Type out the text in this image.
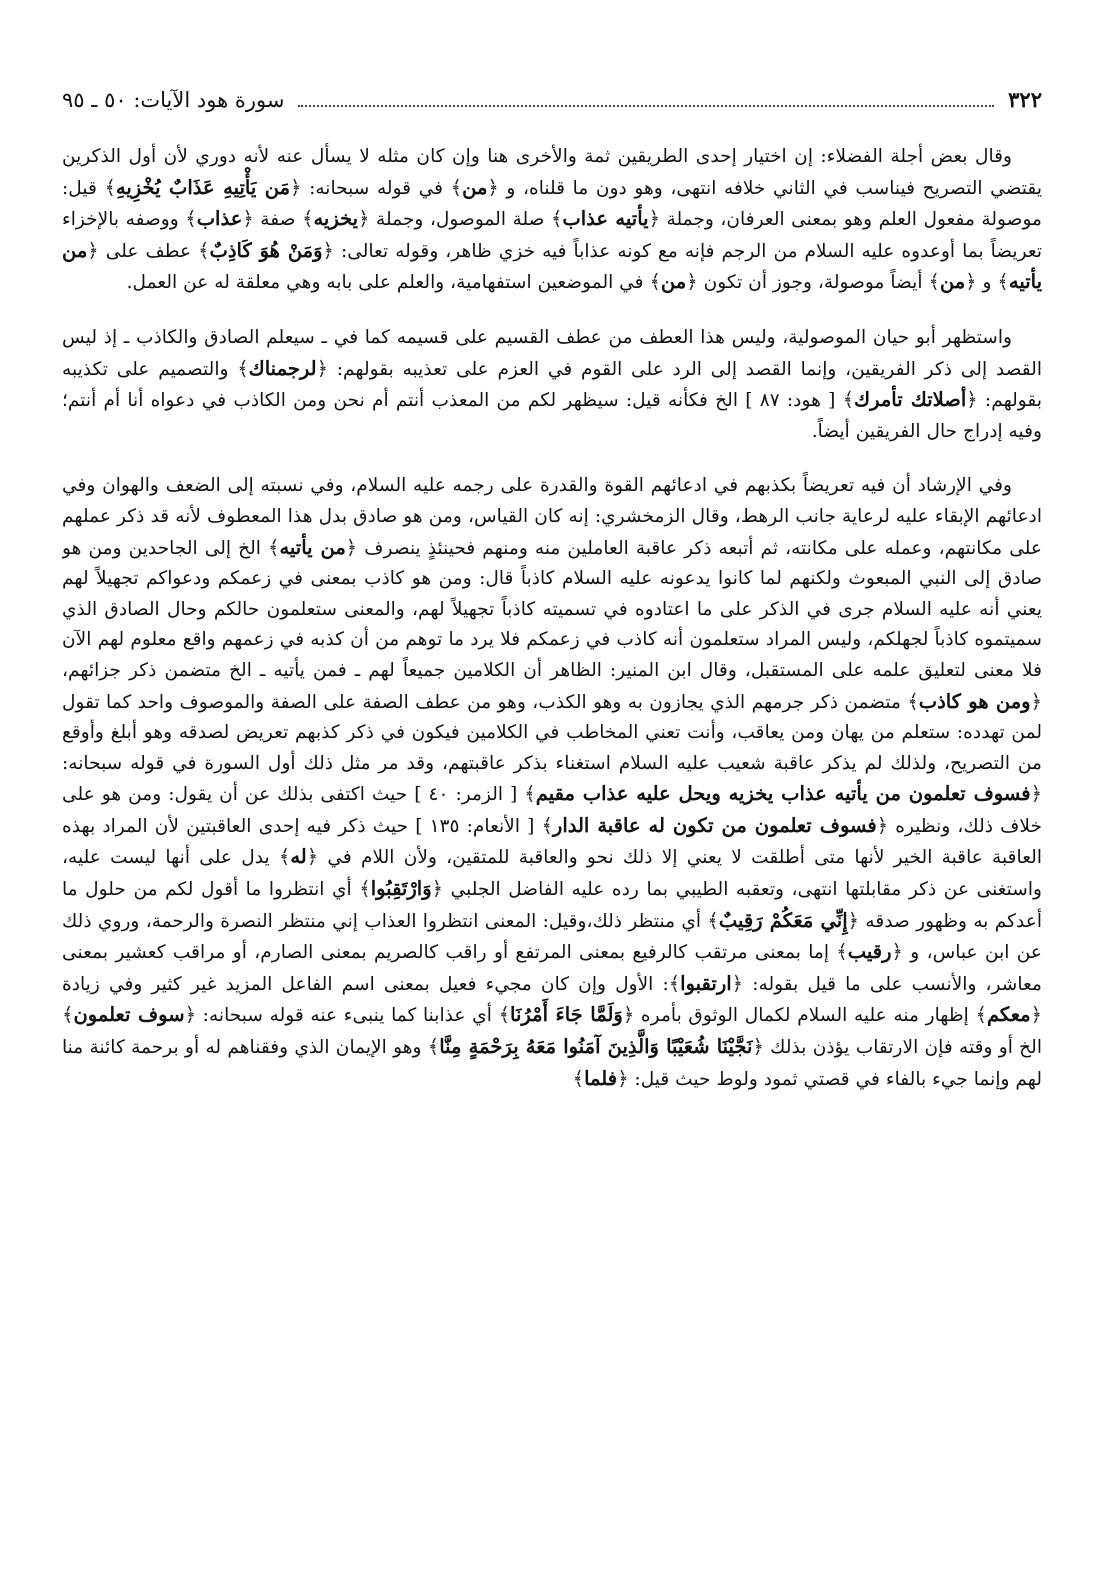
٣٢٢
سورة هود الآيات: ٥٠ ـ ٩٥

وقال بعض أجلة الفضلاء: إن اختيار إحدى الطريقين ثمة والأخرى هنا وإن كان مثله لا يسأل عنه لأنه دوري لأن أول الذكرين يقتضي التصريح فيناسب في الثاني خلافه انتهى، وهو دون ما قلناه، و ﴿من﴾ في قوله سبحانه: ﴿مَن يَأْتِيهِ عَذَابٌ يُخْزِيهِ﴾ قيل: موصولة مفعول العلم وهو بمعنى العرفان، وجملة ﴿يأتيه عذاب﴾ صلة الموصول، وجملة ﴿يخزيه﴾ صفة ﴿عذاب﴾ ووصفه بالإخزاء تعريضاً بما أوعدوه عليه السلام من الرجم فإنه مع كونه عذاباً فيه خزي ظاهر، وقوله تعالى: ﴿وَمَنْ هُوَ كَاذِبٌ﴾ عطف على ﴿من يأتيه﴾ و ﴿من﴾ أيضاً موصولة، وجوز أن تكون ﴿من﴾ في الموضعين استفهامية، والعلم على بابه وهي معلقة له عن العمل.

واستظهر أبو حيان الموصولية، وليس هذا العطف من عطف القسيم على قسيمه كما في ـ سيعلم الصادق والكاذب ـ إذ ليس القصد إلى ذكر الفريقين، وإنما القصد إلى الرد على القوم في العزم على تعذيبه بقولهم: ﴿لرجمناك﴾ والتصميم على تكذيبه بقولهم: ﴿أصلاتك تأمرك﴾ [ هود: ٨٧ ] الخ فكأنه قيل: سيظهر لكم من المعذب أنتم أم نحن ومن الكاذب في دعواه أنا أم أنتم؛ وفيه إدراج حال الفريقين أيضاً.

وفي الإرشاد أن فيه تعريضاً بكذبهم في ادعائهم القوة والقدرة على رجمه عليه السلام، وفي نسبته إلى الضعف والهوان وفي ادعائهم الإبقاء عليه لرعاية جانب الرهط، وقال الزمخشري: إنه كان القياس، ومن هو صادق بدل هذا المعطوف لأنه قد ذكر عملهم على مكانتهم، وعمله على مكانته، ثم أتبعه ذكر عاقبة العاملين منه ومنهم فحينئذٍ ينصرف ﴿من يأتيه﴾ الخ إلى الجاحدين ومن هو صادق إلى النبي المبعوث ولكنهم لما كانوا يدعونه عليه السلام كاذباً قال: ومن هو كاذب بمعنى في زعمكم ودعواكم تجهيلاً لهم يعني أنه عليه السلام جرى في الذكر على ما اعتادوه في تسميته كاذباً تجهيلاً لهم، والمعنى ستعلمون حالكم وحال الصادق الذي سميتموه كاذباً لجهلكم، وليس المراد ستعلمون أنه كاذب في زعمكم فلا يرد ما توهم من أن كذبه في زعمهم واقع معلوم لهم الآن فلا معنى لتعليق علمه على المستقبل، وقال ابن المنير: الظاهر أن الكلامين جميعاً لهم ـ فمن يأتيه ـ الخ متضمن ذكر جزائهم، ﴿ومن هو كاذب﴾ متضمن ذكر جرمهم الذي يجازون به وهو الكذب، وهو من عطف الصفة على الصفة والموصوف واحد كما تقول لمن تهدده: ستعلم من يهان ومن يعاقب، وأنت تعني المخاطب في الكلامين فيكون في ذكر كذبهم تعريض لصدقه وهو أبلغ وأوقع من التصريح، ولذلك لم يذكر عاقبة شعيب عليه السلام استغناء بذكر عاقبتهم، وقد مر مثل ذلك أول السورة في قوله سبحانه: ﴿فسوف تعلمون من يأتيه عذاب يخزيه ويحل عليه عذاب مقيم﴾ [ الزمر: ٤٠ ] حيث اكتفى بذلك عن أن يقول: ومن هو على خلاف ذلك، ونظيره ﴿فسوف تعلمون من تكون له عاقبة الدار﴾ [ الأنعام: ١٣٥ ] حيث ذكر فيه إحدى العاقبتين لأن المراد بهذه العاقبة عاقبة الخير لأنها متى أطلقت لا يعني إلا ذلك نحو والعاقبة للمتقين، ولأن اللام في ﴿له﴾ يدل على أنها ليست عليه، واستغنى عن ذكر مقابلتها انتهى، وتعقبه الطيبي بما رده عليه الفاضل الجلبي ﴿وَارْتَقِبُوا﴾ أي انتظروا ما أقول لكم من حلول ما أعدكم به وظهور صدقه ﴿إِنِّي مَعَكُمْ رَقِيبٌ﴾ أي منتظر ذلك،وقيل: المعنى انتظروا العذاب إني منتظر النصرة والرحمة، وروي ذلك عن ابن عباس، و ﴿رقيب﴾ إما بمعنى مرتقب كالرفيع بمعنى المرتفع أو راقب كالصريم بمعنى الصارم، أو مراقب كعشير بمعنى معاشر، والأنسب على ما قيل بقوله: ﴿ارتقبوا﴾: الأول وإن كان مجيء فعيل بمعنى اسم الفاعل المزيد غير كثير وفي زيادة ﴿معكم﴾ إظهار منه عليه السلام لكمال الوثوق بأمره ﴿وَلَمَّا جَاءَ أَمْرُنَا﴾ أي عذابنا كما ينبىء عنه قوله سبحانه: ﴿سوف تعلمون﴾ الخ أو وقته فإن الارتقاب يؤذن بذلك ﴿نَجَّيْنَا شُعَيْبًا وَالَّذِينَ آمَنُوا مَعَهُ بِرَحْمَةٍ مِنَّا﴾ وهو الإيمان الذي وفقناهم له أو برحمة كائنة منا لهم وإنما جيء بالفاء في قصتي ثمود ولوط حيث قيل: ﴿فلما﴾
